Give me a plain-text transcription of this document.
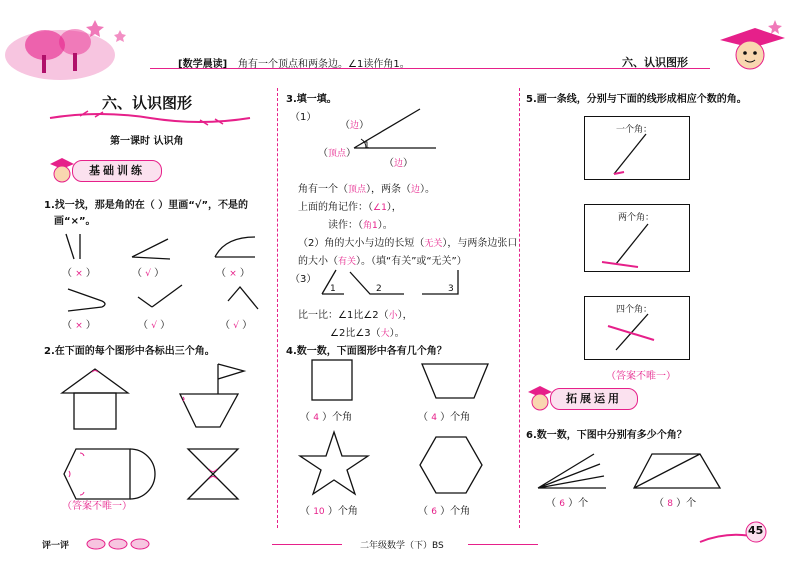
[数学晨读] 角有一个顶点和两条边。∠1读作角1。	六、认识图形
六、认识图形
第一课时 认识角
基础训练
1.找一找，那是角的在（ ）里画“√”，不是的
画“×”。
（ × ）	（ √ ）	（ × ）
（ × ）	（ √ ）	（ √ ）
2.在下面的每个图形中各标出三个角。
（答案不唯一）
3.填一填。
（1）
（边）
（顶点）
1
（边）
角有一个（顶点），两条（边）。
上面的角记作：（∠1），
读作：（角1）。
（2）角的大小与边的长短（无关），与两条边张口
的大小（有关）。（填“有关”或“无关”）
（3）
1	2	3
比一比：∠1比∠2（小），
∠2比∠3（大）。
4.数一数，下面图形中各有几个角？
（ 4 ）个角	（ 4 ）个角
（ 10 ）个角	（ 6 ）个角
5.画一条线，分别与下面的线形成相应个数的角。
一个角：
两个角：
四个角：
（答案不唯一）
拓展运用
6.数一数，下图中分别有多少个角？
（ 6 ）个	（ 8 ）个
评一评	二年级数学（下）BS
45
